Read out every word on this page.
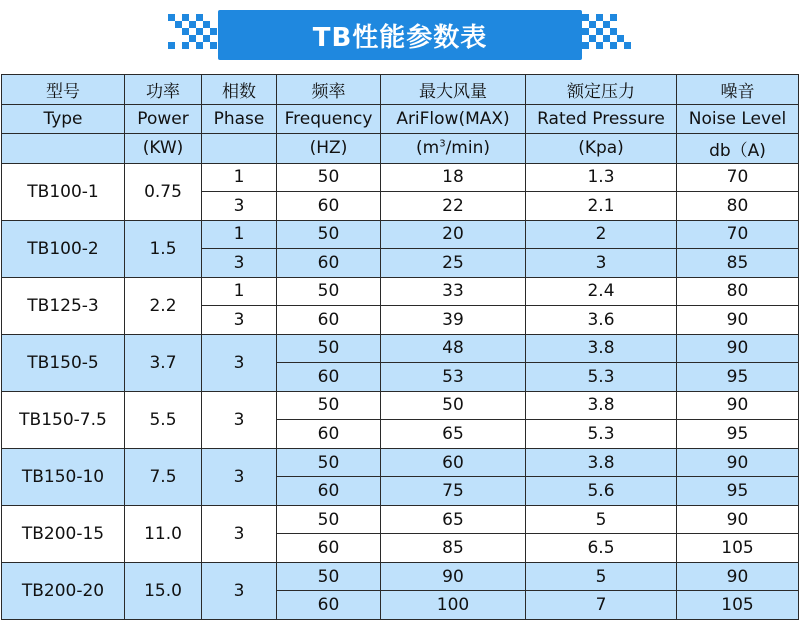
TB性能参数表
型号	功率	相数	频率	最大风量	额定压力	噪音
Type	Power	Phase	Frequency	AriFlow(MAX)	Rated Pressure	Noise Level
	(KW)		(HZ)	$(m^3/\min)$	(Kpa)	db（A)
TB100-1	0.75	1	50	18	1.3	70
		3	60	22	2.1	80
TB100-2	1.5	1	50	20	2	70
		3	60	25	3	85
TB125-3	2.2	1	50	33	2.4	80
		3	60	39	3.6	90
TB150-5	3.7	3	50	48	3.8	90
			60	53	5.3	95
TB150-7.5	5.5	3	50	50	3.8	90
			60	65	5.3	95
TB150-10	7.5	3	50	60	3.8	90
			60	75	5.6	95
TB200-15	11.0	3	50	65	5	90
			60	85	6.5	105
TB200-20	15.0	3	50	90	5	90
			60	100	7	105
